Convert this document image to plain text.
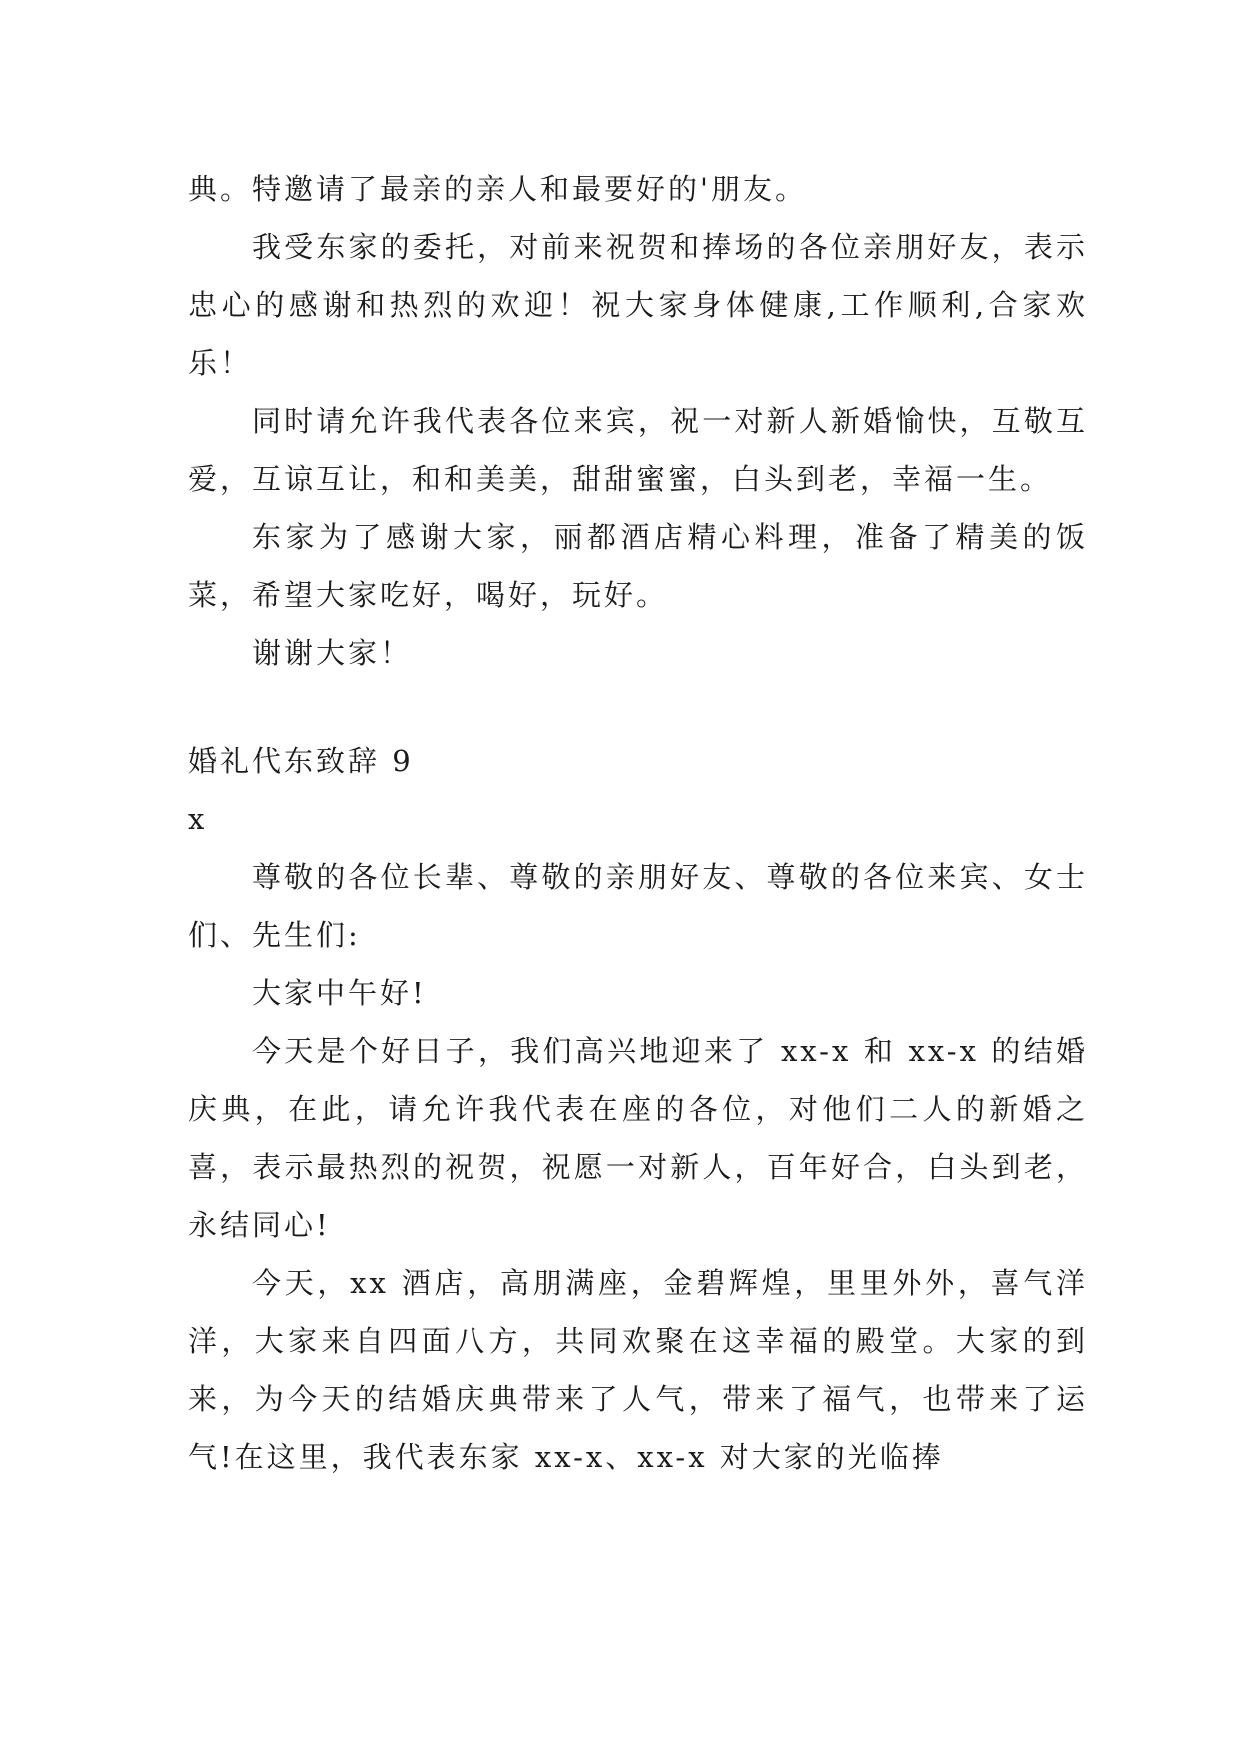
典。特邀请了最亲的亲人和最要好的'朋友。

我受东家的委托，对前来祝贺和捧场的各位亲朋好友，表示忠心的感谢和热烈的欢迎！祝大家身体健康,工作顺利,合家欢乐！

同时请允许我代表各位来宾，祝一对新人新婚愉快，互敬互爱，互谅互让，和和美美，甜甜蜜蜜，白头到老，幸福一生。

东家为了感谢大家，丽都酒店精心料理，准备了精美的饭菜，希望大家吃好，喝好，玩好。

谢谢大家！

婚礼代东致辞 9

x

尊敬的各位长辈、尊敬的亲朋好友、尊敬的各位来宾、女士们、先生们:

大家中午好!

今天是个好日子，我们高兴地迎来了 xx-x 和 xx-x 的结婚庆典，在此，请允许我代表在座的各位，对他们二人的新婚之喜，表示最热烈的祝贺，祝愿一对新人，百年好合，白头到老，永结同心!

今天，xx 酒店，高朋满座，金碧辉煌，里里外外，喜气洋洋，大家来自四面八方，共同欢聚在这幸福的殿堂。大家的到来，为今天的结婚庆典带来了人气，带来了福气，也带来了运气!在这里，我代表东家 xx-x、xx-x 对大家的光临捧
